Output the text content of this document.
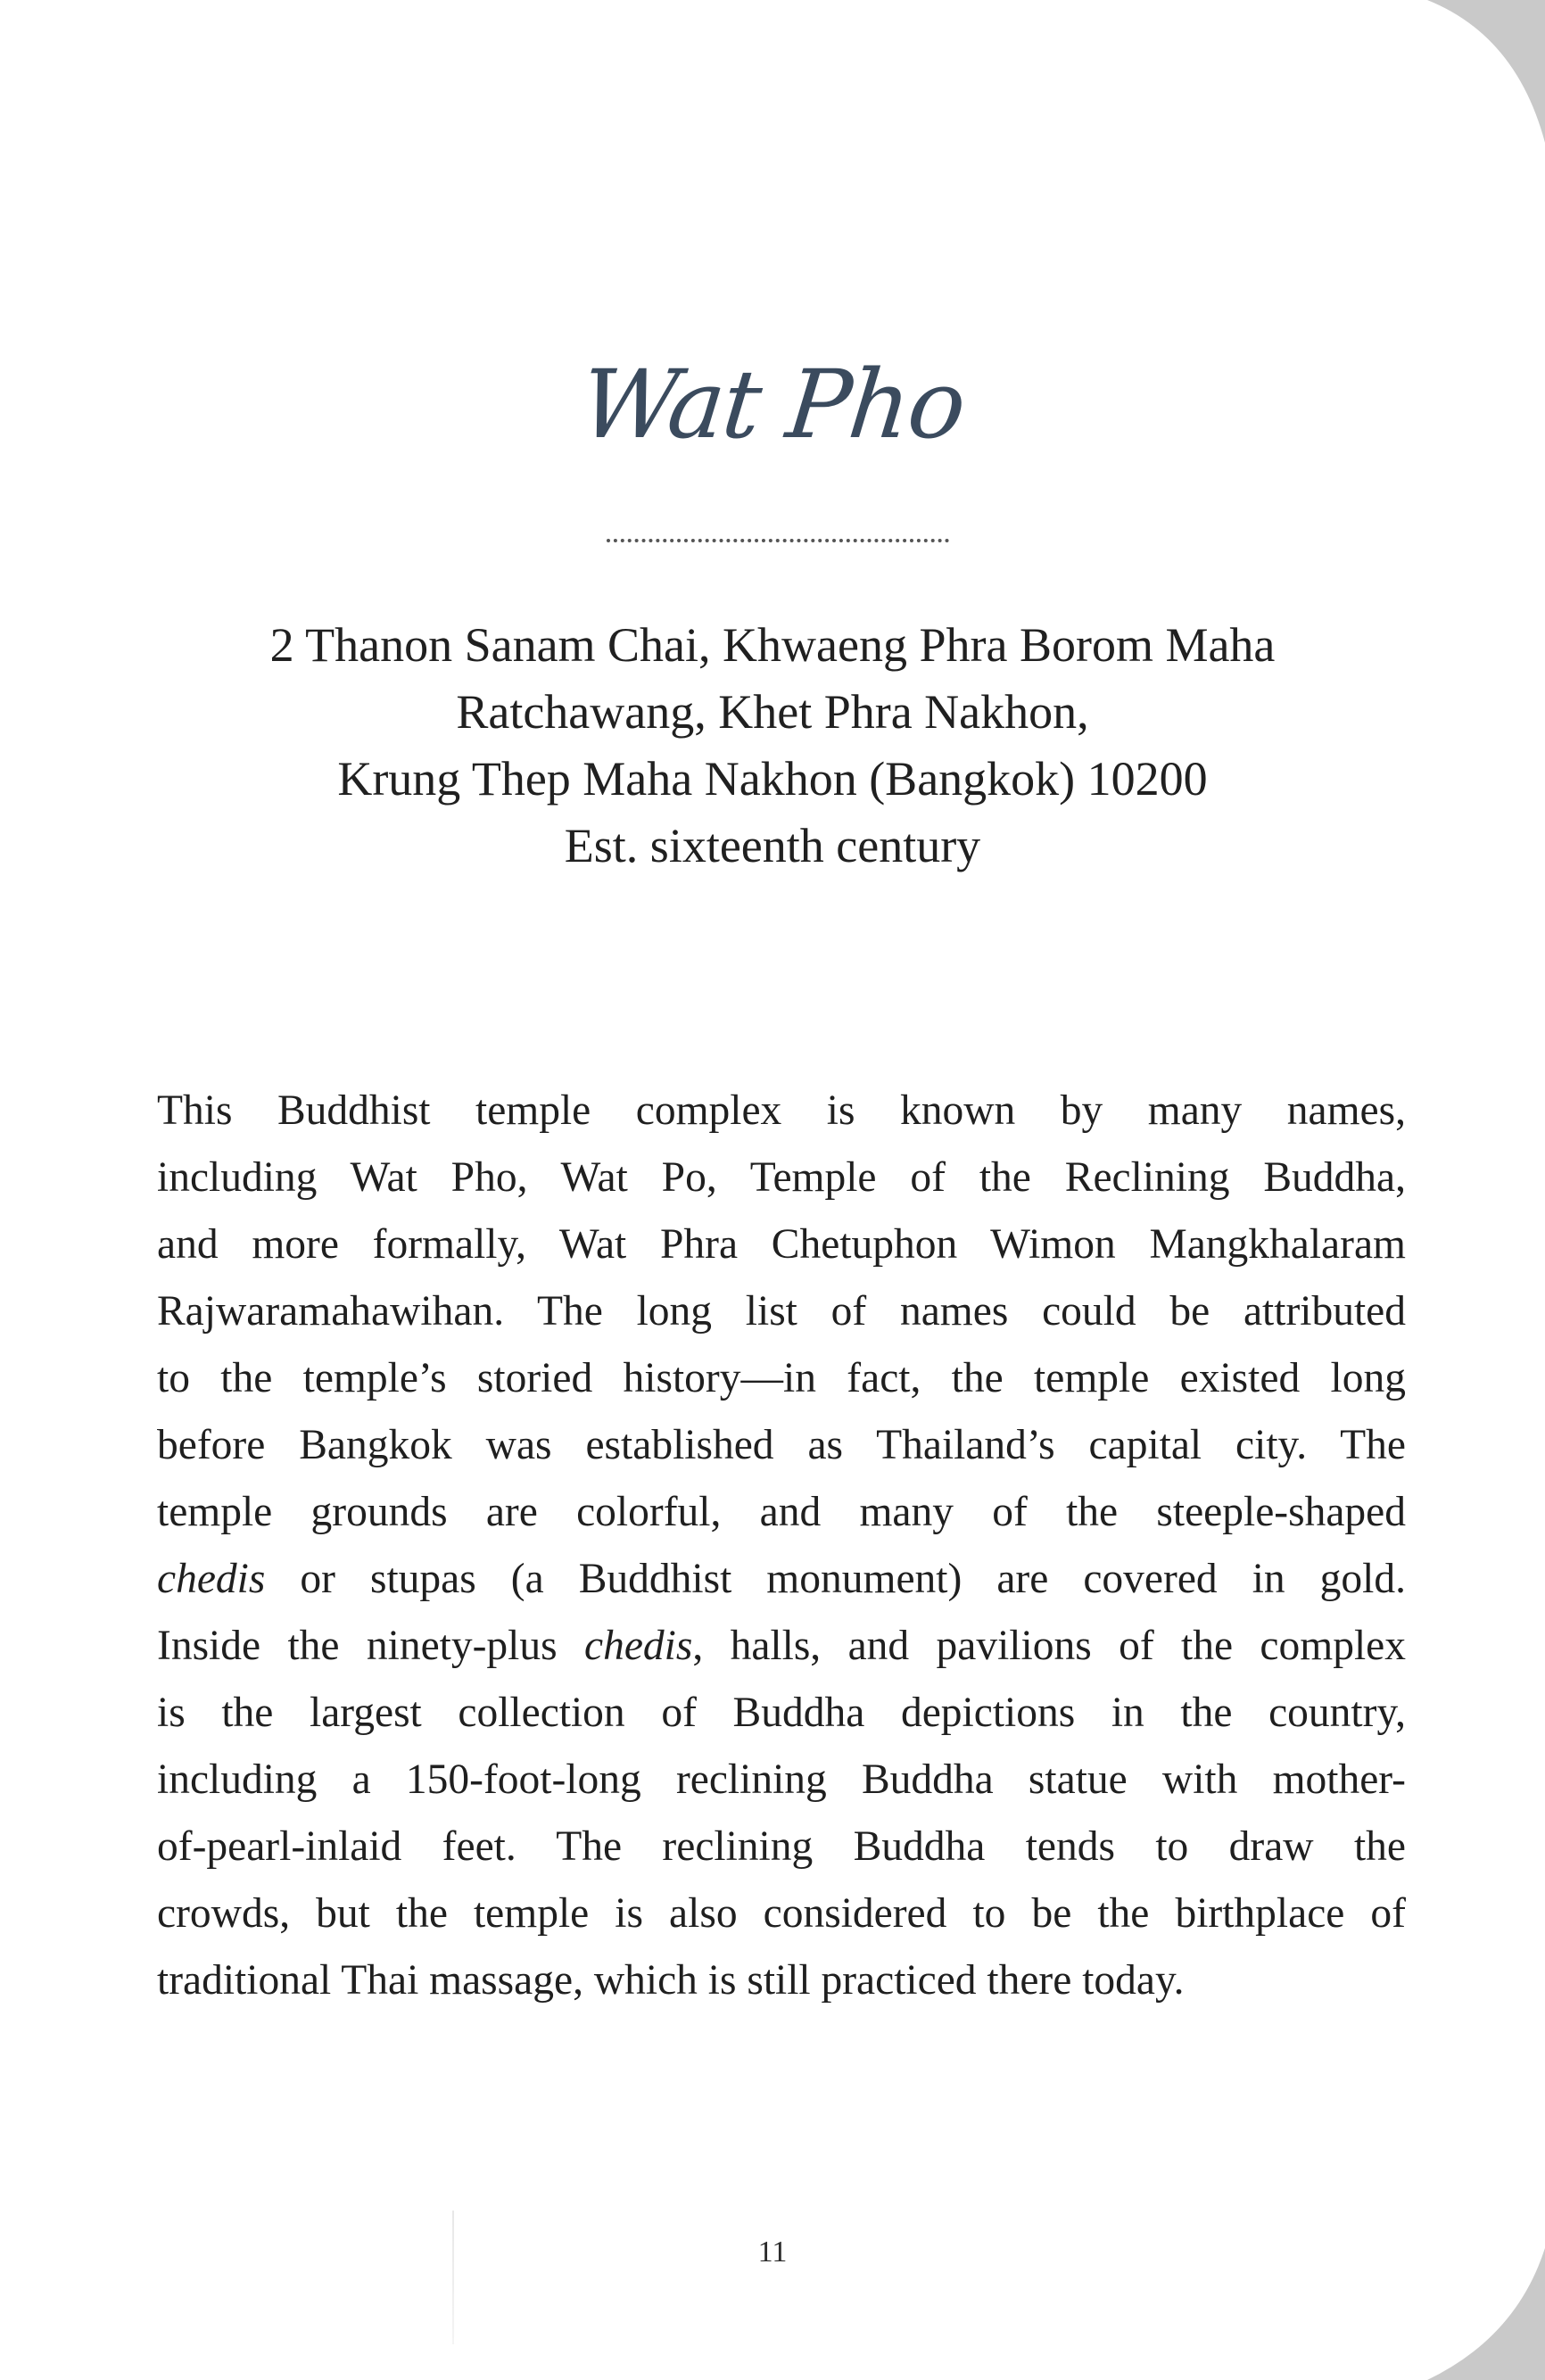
Wat Pho
2 Thanon Sanam Chai, Khwaeng Phra Borom Maha
Ratchawang, Khet Phra Nakhon,
Krung Thep Maha Nakhon (Bangkok) 10200
Est. sixteenth century
This Buddhist temple complex is known by many names,
including Wat Pho, Wat Po, Temple of the Reclining Buddha,
and more formally, Wat Phra Chetuphon Wimon Mangkhalaram
Rajwaramahawihan. The long list of names could be attributed
to the temple’s storied history—in fact, the temple existed long
before Bangkok was established as Thailand’s capital city. The
temple grounds are colorful, and many of the steeple-shaped
chedis or stupas (a Buddhist monument) are covered in gold.
Inside the ninety-plus chedis, halls, and pavilions of the complex
is the largest collection of Buddha depictions in the country,
including a 150-foot-long reclining Buddha statue with mother-
of-pearl-inlaid feet. The reclining Buddha tends to draw the
crowds, but the temple is also considered to be the birthplace of
traditional Thai massage, which is still practiced there today.
11
